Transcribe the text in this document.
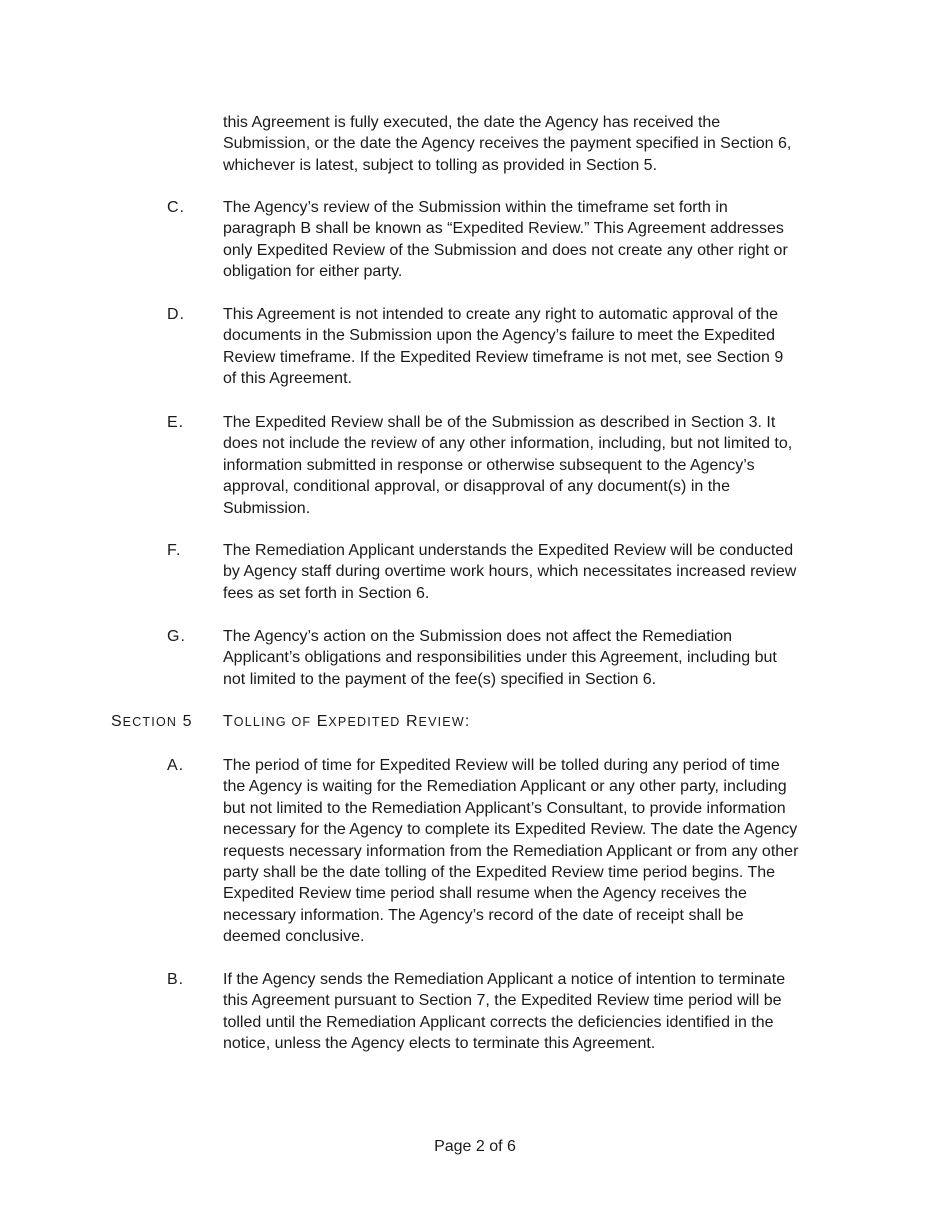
this Agreement is fully executed, the date the Agency has received the
Submission, or the date the Agency receives the payment specified in Section 6,
whichever is latest, subject to tolling as provided in Section 5.
C. The Agency’s review of the Submission within the timeframe set forth in
paragraph B shall be known as “Expedited Review.” This Agreement addresses
only Expedited Review of the Submission and does not create any other right or
obligation for either party.
D. This Agreement is not intended to create any right to automatic approval of the
documents in the Submission upon the Agency’s failure to meet the Expedited
Review timeframe. If the Expedited Review timeframe is not met, see Section 9
of this Agreement.
E. The Expedited Review shall be of the Submission as described in Section 3. It
does not include the review of any other information, including, but not limited to,
information submitted in response or otherwise subsequent to the Agency’s
approval, conditional approval, or disapproval of any document(s) in the
Submission.
F.	The Remediation Applicant understands the Expedited Review will be conducted
by Agency staff during overtime work hours, which necessitates increased review
fees as set forth in Section 6.
G. The Agency’s action on the Submission does not affect the Remediation
Applicant’s obligations and responsibilities under this Agreement, including but
not limited to the payment of the fee(s) specified in Section 6.
SECTION 5 TOLLING OF EXPEDITED REVIEW:
A. The period of time for Expedited Review will be tolled during any period of time
the Agency is waiting for the Remediation Applicant or any other party, including
but not limited to the Remediation Applicant’s Consultant, to provide information
necessary for the Agency to complete its Expedited Review. The date the Agency
requests necessary information from the Remediation Applicant or from any other
party shall be the date tolling of the Expedited Review time period begins. The
Expedited Review time period shall resume when the Agency receives the
necessary information. The Agency’s record of the date of receipt shall be
deemed conclusive.
B. If the Agency sends the Remediation Applicant a notice of intention to terminate
this Agreement pursuant to Section 7, the Expedited Review time period will be
tolled until the Remediation Applicant corrects the deficiencies identified in the
notice, unless the Agency elects to terminate this Agreement.
Page 2 of 6
